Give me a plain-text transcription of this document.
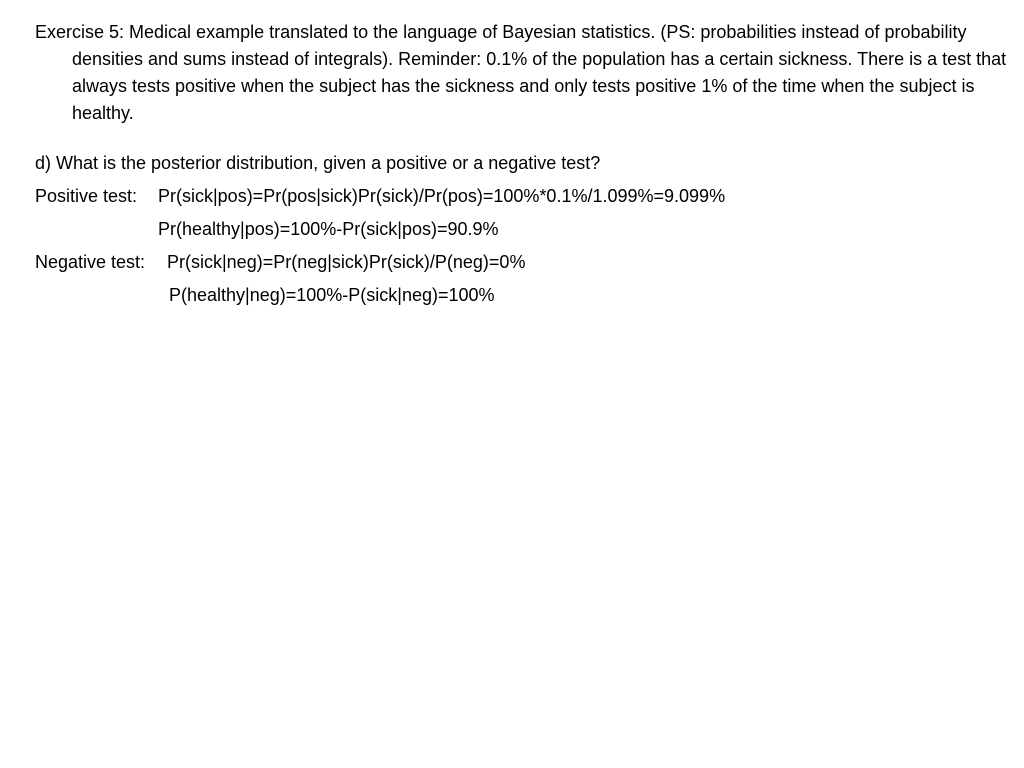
Exercise 5: Medical example translated to the language of Bayesian statistics. (PS: probabilities instead of probability densities and sums instead of integrals). Reminder: 0.1% of the population has a certain sickness. There is a test that always tests positive when the subject has the sickness and only tests positive 1% of the time when the subject is healthy.

d) What is the posterior distribution, given a positive or a negative test?

Positive test: Pr(sick|pos)=Pr(pos|sick)Pr(sick)/Pr(pos)=100%*0.1%/1.099%=9.099%
Pr(healthy|pos)=100%-Pr(sick|pos)=90.9%
Negative test: Pr(sick|neg)=Pr(neg|sick)Pr(sick)/P(neg)=0%
P(healthy|neg)=100%-P(sick|neg)=100%
